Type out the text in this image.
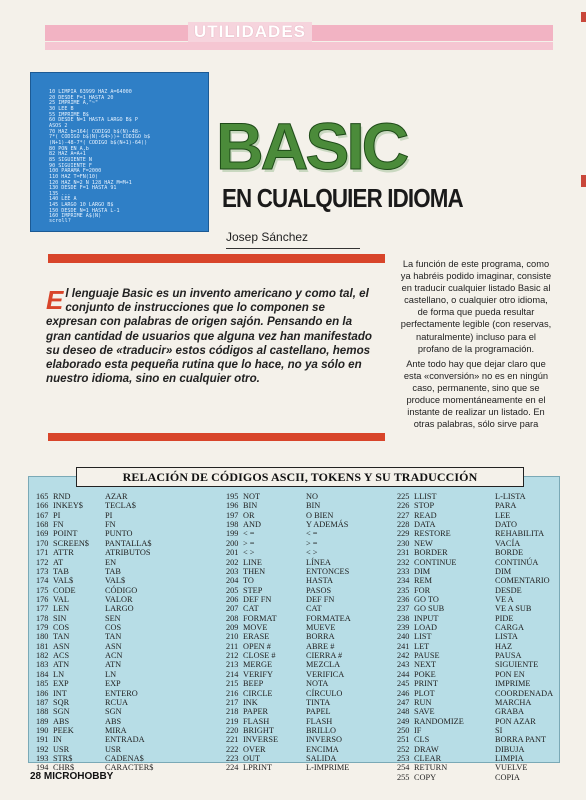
UTILIDADES
10 LIMPIA 63999 HAZ A=64000
20 DESDE F=1 HASTA 20
25 IMPRIME A,"~"
30 LEE B
55 IMPRIME B$
60 DESDE N=1 HASTA LARGO B$ P
ASOS 2
70 HAZ b=164( CODIGO b$(N)-48-
7*( CODIGO b$(N)-64>))+ CODIGO b$
(N+1)-48-7*( CODIGO b$(N+1)-64))
80 PON EN A,b
82 HAZ A=A+1
85 SIGUIENTE N
90 SIGUIENTE F
100 PARAMA F=2000
110 HAZ T=FN(10)
120 HAZ N=2 N 128 HAZ M=M+1
130 DESDE F=1 HASTA 91
135 ...
140 LEE A
145 LARGO 10 LARGO B$
150 DESDE N=1 HASTA L-1
160 IMPRIME A$(N)
scroll?
BASIC
EN CUALQUIER IDIOMA
Josep Sánchez
El lenguaje Basic es un invento americano y como tal, el conjunto de instrucciones que lo componen se expresan con palabras de origen sajón. Pensando en la gran cantidad de usuarios que alguna vez han manifestado su deseo de «traducir» estos códigos al castellano, hemos elaborado esta pequeña rutina que lo hace, no ya sólo en nuestro idioma, sino en cualquier otro.

La función de este programa, como ya habréis podido imaginar, consiste en traducir cualquier listado Basic al castellano, o cualquier otro idioma, de forma que pueda resultar perfectamente legible (con reservas, naturalmente) incluso para el profano de la programación.

Ante todo hay que dejar claro que esta «conversión» no es en ningún caso, permanente, sino que se produce momentáneamente en el instante de realizar un listado. En otras palabras, sólo sirve para

RELACIÓN DE CÓDIGOS ASCII, TOKENS Y SU TRADUCCIÓN
165 RND	AZAR
166 INKEY$	TECLA$
167 PI	PI
168 FN	FN
169 POINT	PUNTO
170 SCREEN$ PANTALLA$
171 ATTR	ATRIBUTOS
172 AT	EN
173 TAB	TAB
174 VAL$	VAL$
175 CODE	CÓDIGO
176 VAL	VALOR
177 LEN	LARGO
178 SIN	SEN
179 COS	COS
180 TAN	TAN
181 ASN	ASN
182 ACS	ACN
183 ATN	ATN
184 LN	LN
185 EXP	EXP
186 INT	ENTERO
187 SQR	RCUA
188 SGN	SGN
189 ABS	ABS
190 PEEK	MIRA
191 IN	ENTRADA
192 USR	USR
193 STR$	CADENA$
194 CHR$	CARACTER$
195 NOT	NO
196 BIN	BIN
197 OR	O BIEN
198 AND	Y ADEMÁS
199 < =	< =
200 > =	> =
201 < >	< >
202 LINE	LÍNEA
203 THEN	ENTONCES
204 TO	HASTA
205 STEP	PASOS
206 DEF FN	DEF FN
207 CAT	CAT
208 FORMAT	FORMATEA
209 MOVE	MUEVE
210 ERASE	BORRA
211 OPEN #	ABRE #
212 CLOSE #	CIERRA #
213 MERGE	MEZCLA
214 VERIFY	VERIFICA
215 BEEP	NOTA
216 CIRCLE	CÍRCULO
217 INK	TINTA
218 PAPER	PAPEL
219 FLASH	FLASH
220 BRIGHT	BRILLO
221 INVERSE	INVERSO
222 OVER	ENCIMA
223 OUT	SALIDA
224 LPRINT	L-IMPRIME
225 LLIST	L-LISTA
226 STOP	PARA
227 READ	LEE
228 DATA	DATO
229 RESTORE	REHABILITA
230 NEW	VACÍA
231 BORDER	BORDE
232 CONTINUE	CONTINÚA
233 DIM	DIM
234 REM	COMENTARIO
235 FOR	DESDE
236 GO TO	VE A
237 GO SUB	VE A SUB
238 INPUT	PIDE
239 LOAD	CARGA
240 LIST	LISTA
241 LET	HAZ
242 PAUSE	PAUSA
243 NEXT	SIGUIENTE
244 POKE	PON EN
245 PRINT	IMPRIME
246 PLOT	COORDENADA
247 RUN	MARCHA
248 SAVE	GRABA
249 RANDOMIZE	PON AZAR
250 IF	SI
251 CLS	BORRA PANT
252 DRAW	DIBUJA
253 CLEAR	LIMPIA
254 RETURN	VUELVE
255 COPY	COPIA
28 MICROHOBBY
